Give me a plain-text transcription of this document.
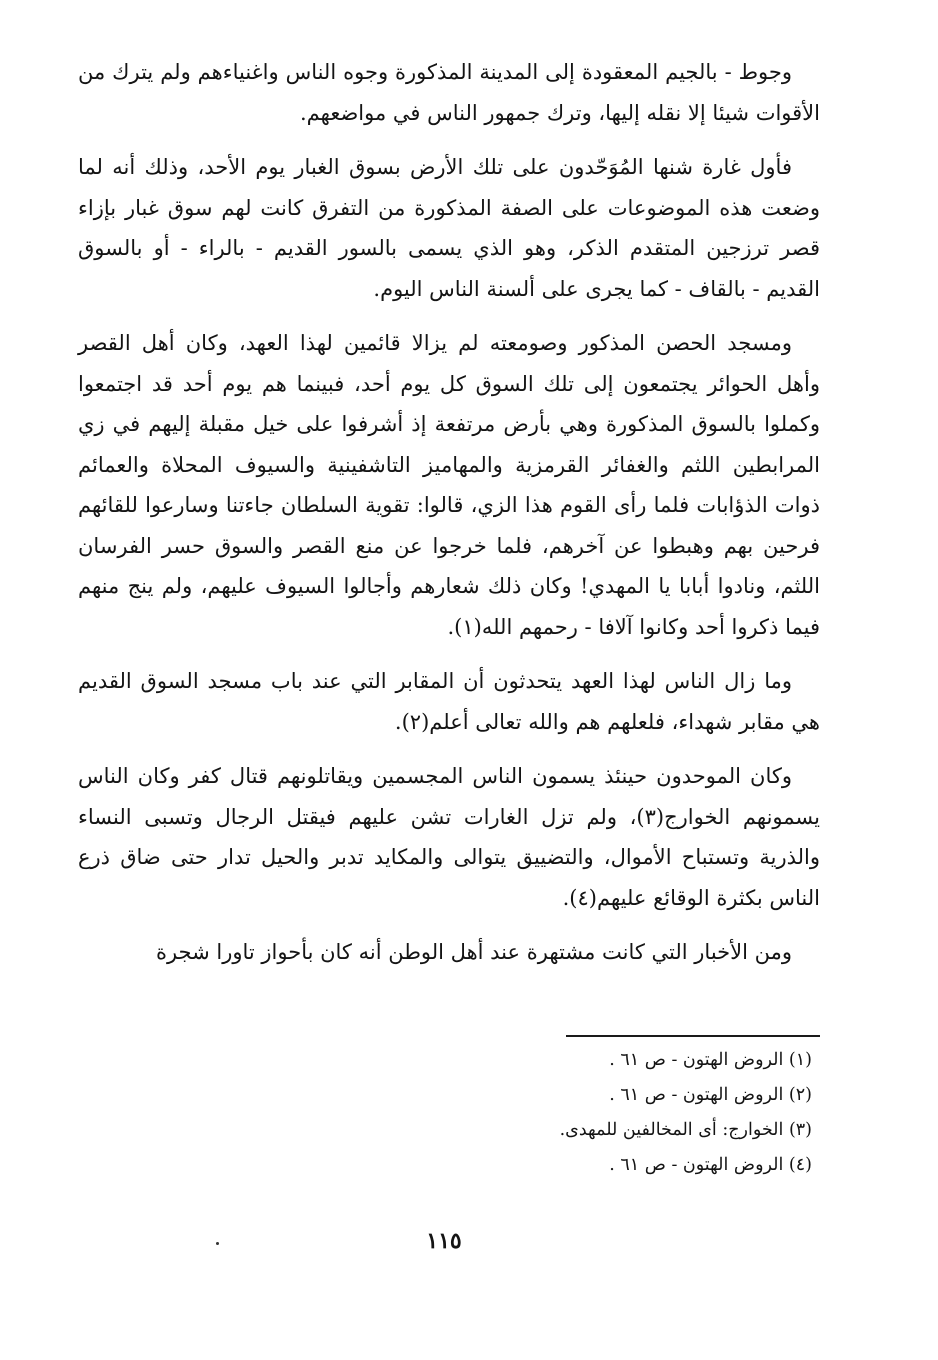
وجوط - بالجيم المعقودة إلى المدينة المذكورة وجوه الناس واغنياءهم ولم يترك من الأقوات شيئا إلا نقله إليها، وترك جمهور الناس في مواضعهم.

فأول غارة شنها المُوَحّدون على تلك الأرض بسوق الغبار يوم الأحد، وذلك أنه لما وضعت هذه الموضوعات على الصفة المذكورة من التفرق كانت لهم سوق غبار بإزاء قصر ترزجين المتقدم الذكر، وهو الذي يسمى بالسور القديم - بالراء - أو بالسوق القديم - بالقاف - كما يجرى على ألسنة الناس اليوم.

ومسجد الحصن المذكور وصومعته لم يزالا قائمين لهذا العهد، وكان أهل القصر وأهل الحوائر يجتمعون إلى تلك السوق كل يوم أحد، فبينما هم يوم أحد قد اجتمعوا وكملوا بالسوق المذكورة وهي بأرض مرتفعة إذ أشرفوا على خيل مقبلة إليهم في زي المرابطين اللثم والغفائر القرمزية والمهاميز التاشفينية والسيوف المحلاة والعمائم ذوات الذؤابات فلما رأى القوم هذا الزي، قالوا: تقوية السلطان جاءتنا وسارعوا للقائهم فرحين بهم وهبطوا عن آخرهم، فلما خرجوا عن منع القصر والسوق حسر الفرسان اللثم، ونادوا أبابا يا المهدي! وكان ذلك شعارهم وأجالوا السيوف عليهم، ولم ينج منهم فيما ذكروا أحد وكانوا آلافا - رحمهم الله(١).

وما زال الناس لهذا العهد يتحدثون أن المقابر التي عند باب مسجد السوق القديم هي مقابر شهداء، فلعلهم هم والله تعالى أعلم(٢).

وكان الموحدون حينئذ يسمون الناس المجسمين ويقاتلونهم قتال كفر وكان الناس يسمونهم الخوارج(٣)، ولم تزل الغارات تشن عليهم فيقتل الرجال وتسبى النساء والذرية وتستباح الأموال، والتضييق يتوالى والمكايد تدبر والحيل تدار حتى ضاق ذرع الناس بكثرة الوقائع عليهم(٤).

ومن الأخبار التي كانت مشتهرة عند أهل الوطن أنه كان بأحواز تاورا شجرة

(١) الروض الهتون - ص ٦١ .

(٢) الروض الهتون - ص ٦١ .

(٣) الخوارج: أى المخالفين للمهدى.

(٤) الروض الهتون - ص ٦١ .

١١٥
